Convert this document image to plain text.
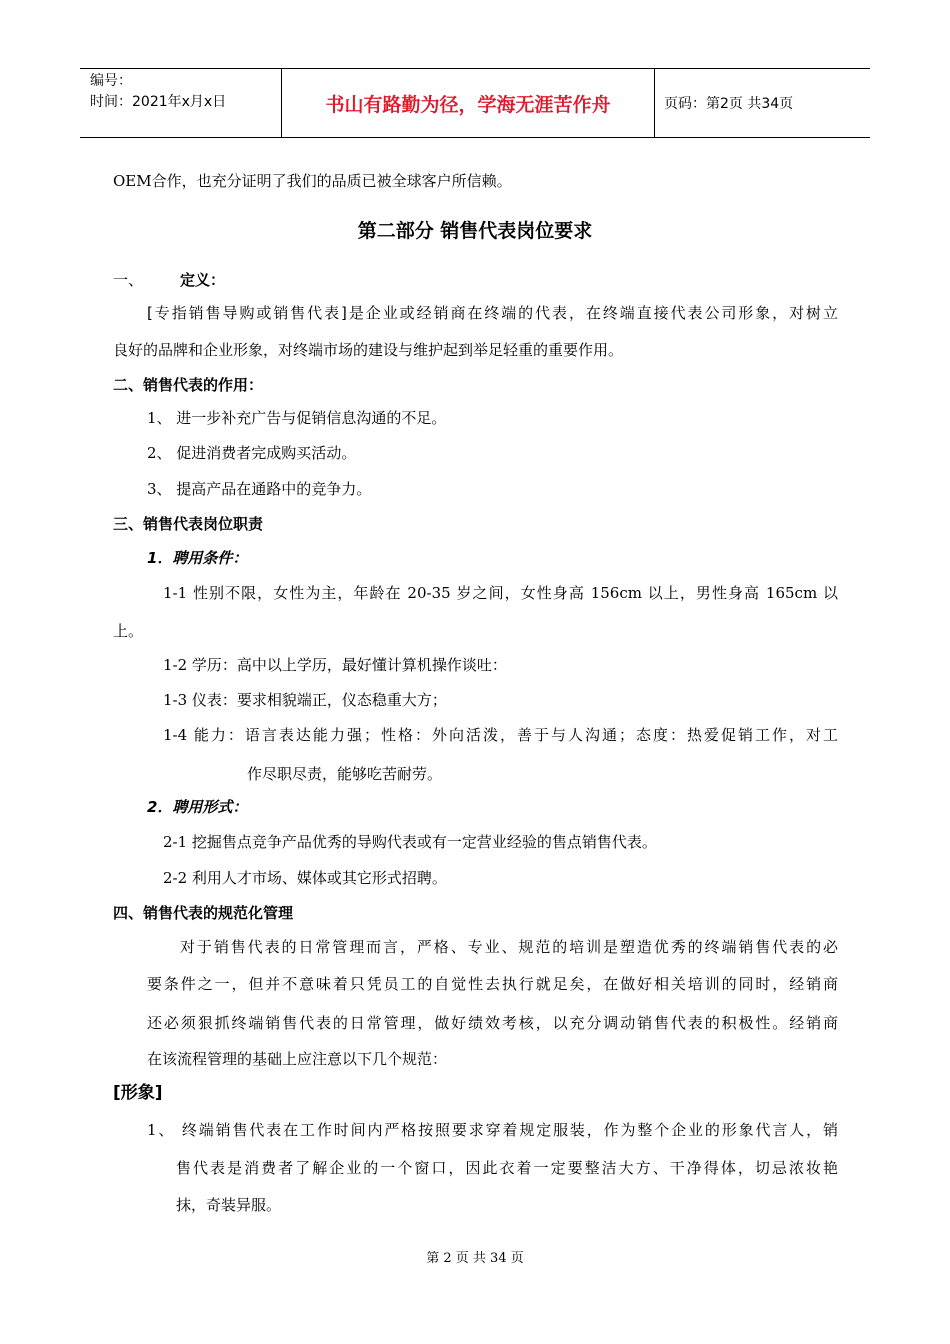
编号：
时间：2021年x月x日	书山有路勤为径，学海无涯苦作舟	页码：第2页 共34页
OEM合作，也充分证明了我们的品质已被全球客户所信赖。
第二部分 销售代表岗位要求
一、 定义：
[专指销售导购或销售代表]是企业或经销商在终端的代表，在终端直接代表公司形象，对树立
良好的品牌和企业形象，对终端市场的建设与维护起到举足轻重的重要作用。
二、销售代表的作用：
1、 进一步补充广告与促销信息沟通的不足。
2、 促进消费者完成购买活动。
3、 提高产品在通路中的竞争力。
三、销售代表岗位职责
1．聘用条件：
1-1 性别不限，女性为主，年龄在 20-35 岁之间，女性身高 156cm 以上，男性身高 165cm 以
上。
1-2 学历：高中以上学历，最好懂计算机操作谈吐：
1-3 仪表：要求相貌端正，仪态稳重大方；
1-4 能力：语言表达能力强；性格：外向活泼，善于与人沟通；态度：热爱促销工作，对工
作尽职尽责，能够吃苦耐劳。
2．聘用形式：
2-1 挖掘售点竞争产品优秀的导购代表或有一定营业经验的售点销售代表。
2-2 利用人才市场、媒体或其它形式招聘。
四、销售代表的规范化管理
对于销售代表的日常管理而言，严格、专业、规范的培训是塑造优秀的终端销售代表的必
要条件之一，但并不意味着只凭员工的自觉性去执行就足矣，在做好相关培训的同时，经销商
还必须狠抓终端销售代表的日常管理，做好绩效考核，以充分调动销售代表的积极性。经销商
在该流程管理的基础上应注意以下几个规范：
[形象]
1、 终端销售代表在工作时间内严格按照要求穿着规定服装，作为整个企业的形象代言人，销
售代表是消费者了解企业的一个窗口，因此衣着一定要整洁大方、干净得体，切忌浓妆艳
抹，奇装异服。
第 2 页 共 34 页
